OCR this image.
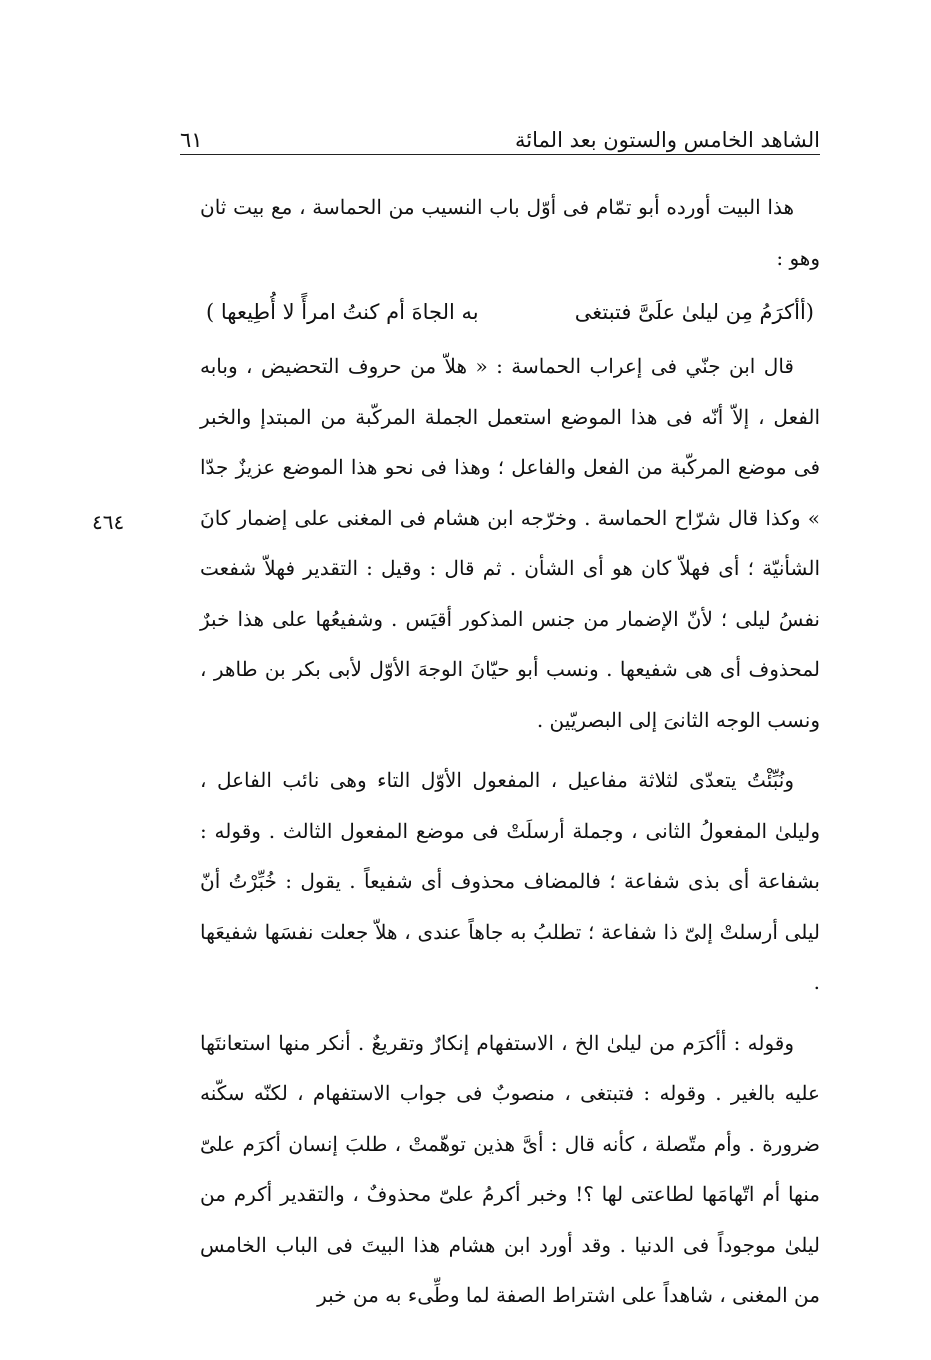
الشاهد الخامس والستون بعد المائة
٦١
٤٦٤

هذا البيت أورده أبو تمّام فى أوّل باب النسيب من الحماسة ، مع بيت ثان وهو :

(أأكرَمُ مِن ليلىٰ علَىَّ فتبتغى
به الجاهَ أم كنتُ امرأً لا أُطِيعها )

قال ابن جنّي فى إعراب الحماسة : « هلاّ من حروف التحضيض ، وبابه الفعل ، إلاّ أنّه فى هذا الموضع استعمل الجملة المركّبة من المبتدإ والخبر فى موضع المركّبة من الفعل والفاعل ؛ وهذا فى نحو هذا الموضع عزيزٌ جدّا » وكذا قال شرّاح الحماسة . وخرّجه ابن هشام فى المغنى على إضمار كانَ الشأنيّة ؛ أى فهلاّ كان هو أى الشأن . ثم قال : وقيل : التقدير فهلاّ شفعت نفسُ ليلى ؛ لأنّ الإضمار من جنس المذكور أقيَس . وشفيعُها على هذا خبرٌ لمحذوف أى هى شفيعها . ونسب أبو حيّانَ الوجهَ الأوّل لأبى بكر بن طاهر ، ونسب الوجه الثانىَ إلى البصريّين .

ونُبِّئْتُ يتعدّى لثلاثة مفاعيل ، المفعول الأوّل التاء وهى نائب الفاعل ، وليلىٰ المفعولُ الثانى ، وجملة أرسلَتْ فى موضع المفعول الثالث . وقوله : بشفاعة أى بذى شفاعة ؛ فالمضاف محذوف أى شفيعاً . يقول : خُبِّرْتُ أنّ ليلى أرسلتْ إلىّ ذا شفاعة ؛ تطلبُ به جاهاً عندى ، هلاّ جعلت نفسَها شفيعَها .

وقوله : أأكرَم من ليلىٰ الخ ، الاستفهام إنكارٌ وتقريعٌ . أنكر منها استعانتَها عليه بالغير . وقوله : فتبتغى ، منصوبٌ فى جواب الاستفهام ، لكنّه سكّنه ضرورة . وأم متّصلة ، كأنه قال : أىَّ هذين توهّمتْ ، طلبَ إنسان أكرَم علىّ منها أم اتّهامَها لطاعتى لها ؟! وخبر أكرمُ علىّ محذوفٌ ، والتقدير أكرم من ليلىٰ موجوداً فى الدنيا . وقد أورد ابن هشام هذا البيتَ فى الباب الخامس من المغنى ، شاهداً على اشتراط الصفة لما وطِّىء به من خبر
